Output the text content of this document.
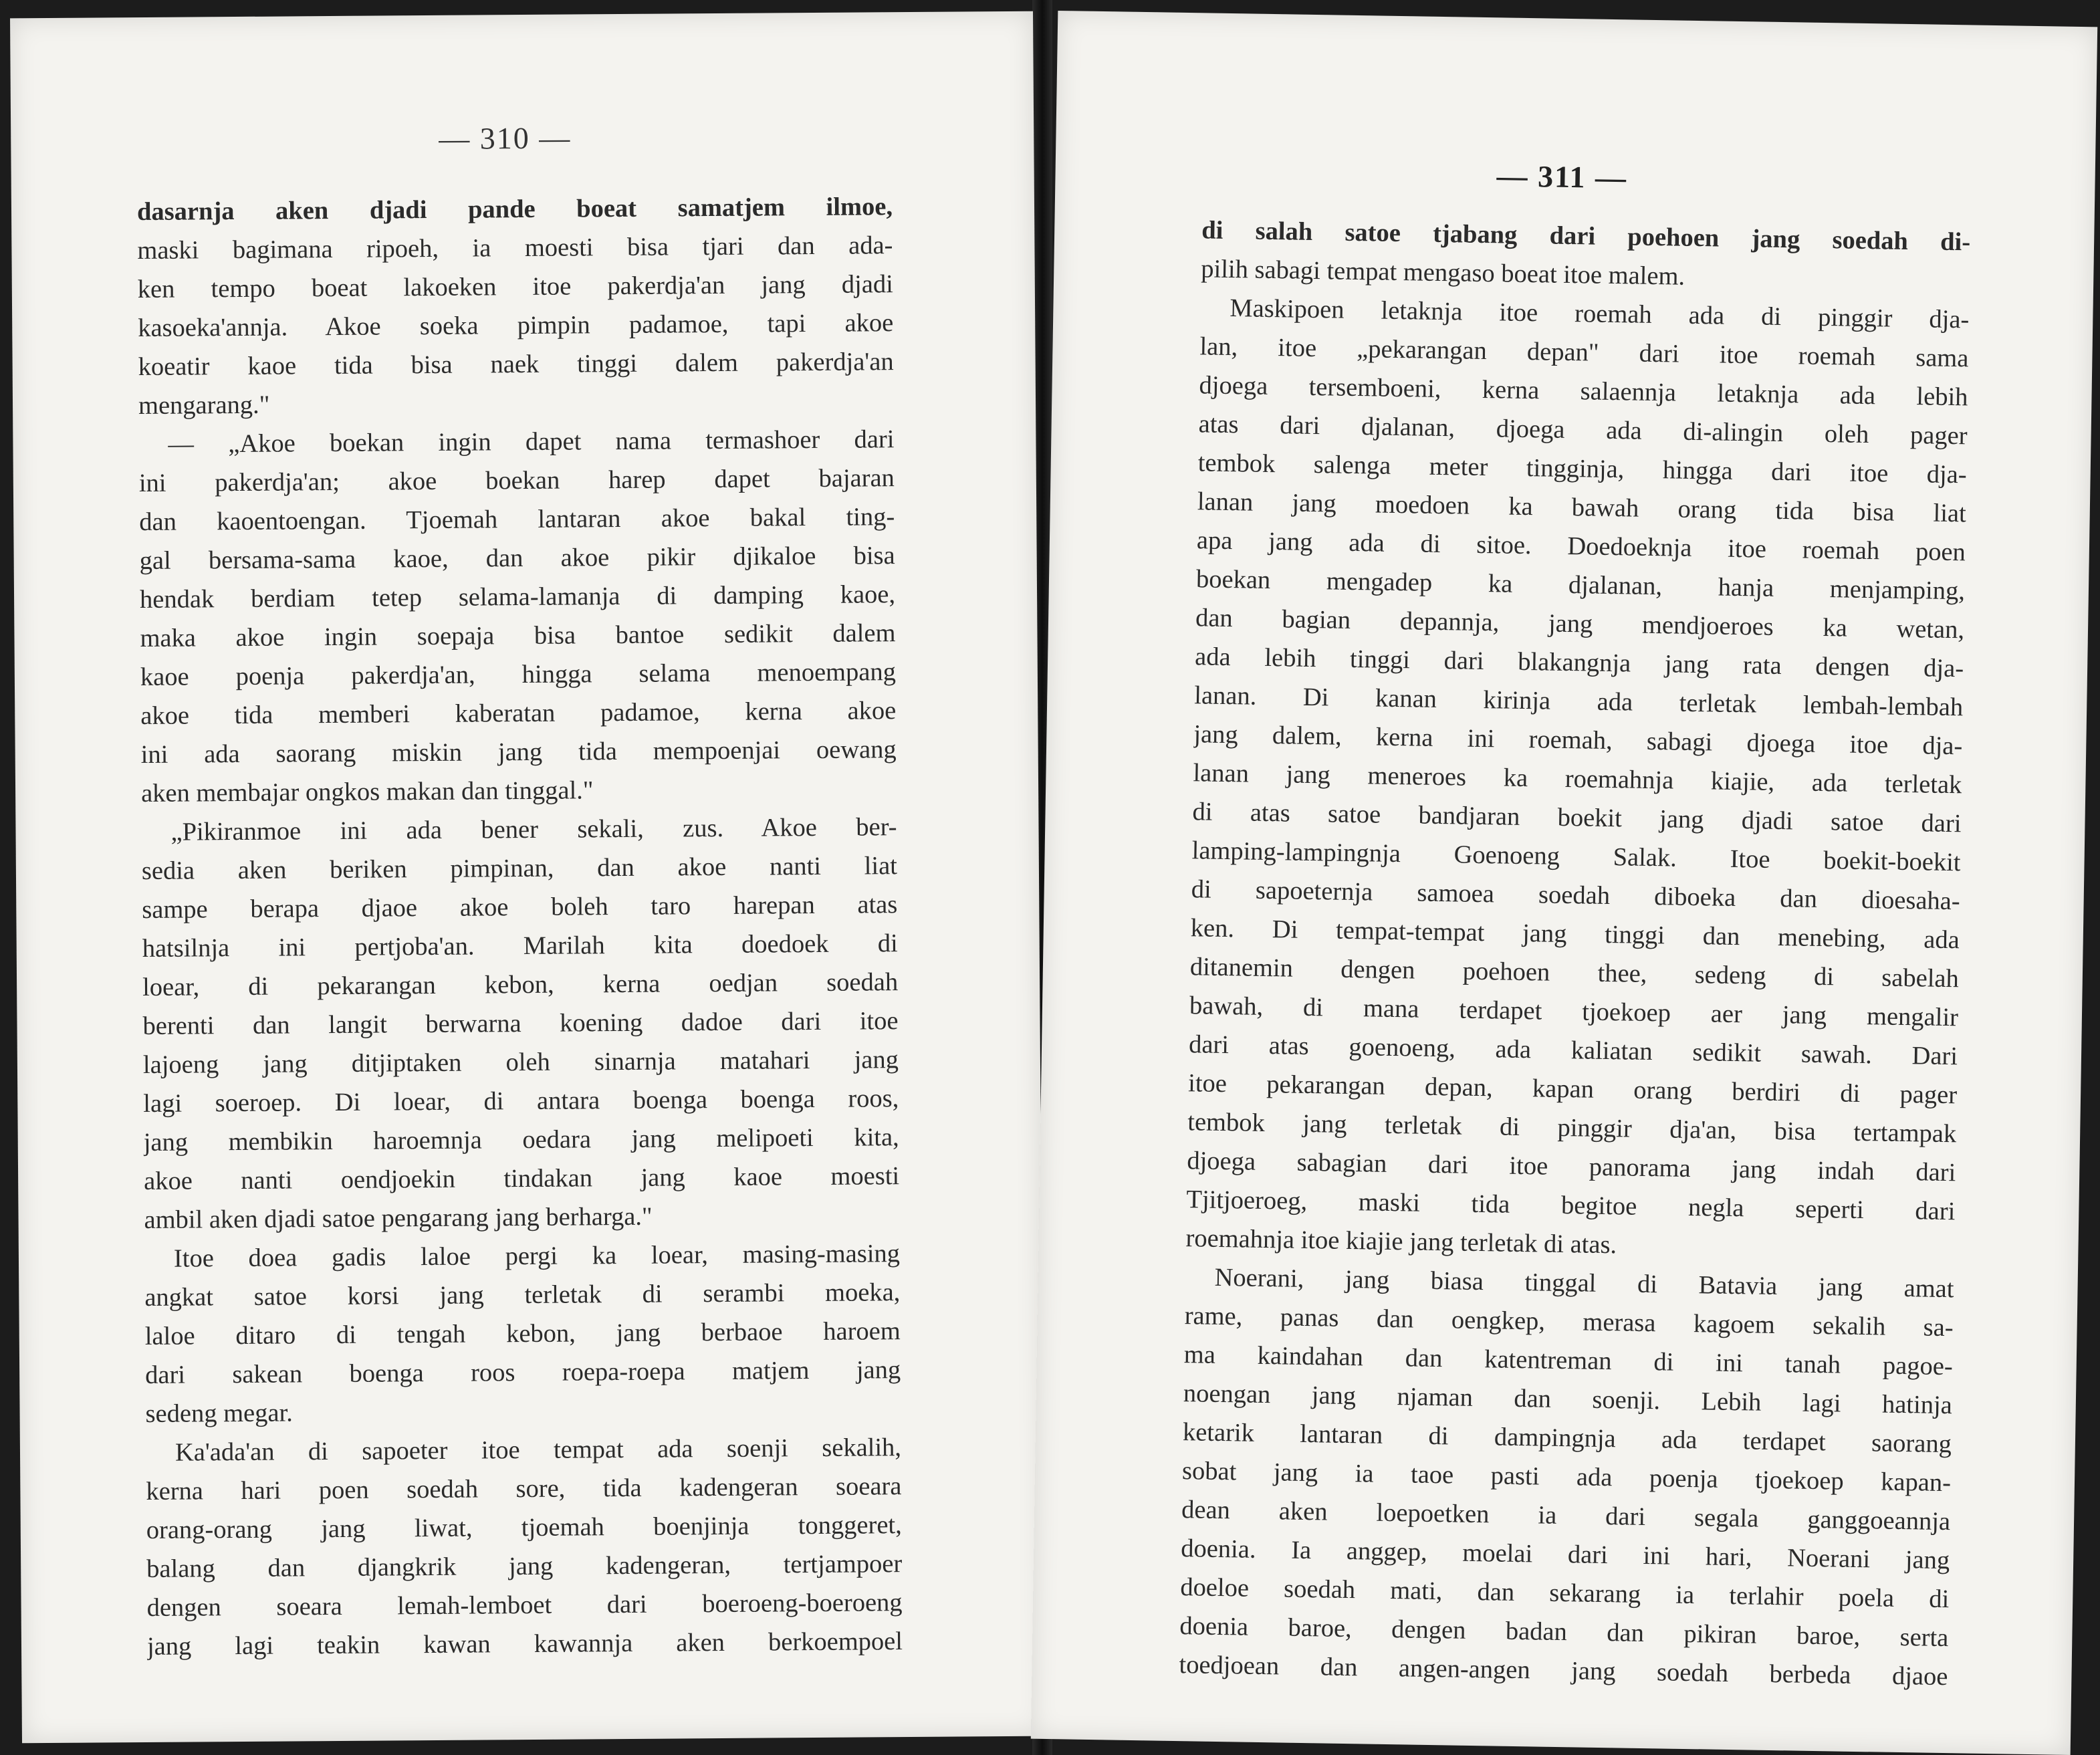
— 310 —
dasarnja aken djadi pande boeat samatjem ilmoe,
maski bagimana ripoeh, ia moesti bisa tjari dan ada-
ken tempo boeat lakoeken itoe pakerdja'an jang djadi
kasoeka'annja. Akoe soeka pimpin padamoe, tapi akoe
koeatir kaoe tida bisa naek tinggi dalem pakerdja'an
mengarang."
— „Akoe boekan ingin dapet nama termashoer dari
ini pakerdja'an; akoe boekan harep dapet bajaran
dan kaoentoengan. Tjoemah lantaran akoe bakal ting-
gal bersama-sama kaoe, dan akoe pikir djikaloe bisa
hendak berdiam tetep selama-lamanja di damping kaoe,
maka akoe ingin soepaja bisa bantoe sedikit dalem
kaoe poenja pakerdja'an, hingga selama menoempang
akoe tida memberi kaberatan padamoe, kerna akoe
ini ada saorang miskin jang tida mempoenjai oewang
aken membajar ongkos makan dan tinggal."
„Pikiranmoe ini ada bener sekali, zus. Akoe ber-
sedia aken beriken pimpinan, dan akoe nanti liat
sampe berapa djaoe akoe boleh taro harepan atas
hatsilnja ini pertjoba'an. Marilah kita doedoek di
loear, di pekarangan kebon, kerna oedjan soedah
berenti dan langit berwarna koening dadoe dari itoe
lajoeng jang ditjiptaken oleh sinarnja matahari jang
lagi soeroep. Di loear, di antara boenga boenga roos,
jang membikin haroemnja oedara jang melipoeti kita,
akoe nanti oendjoekin tindakan jang kaoe moesti
ambil aken djadi satoe pengarang jang berharga."
Itoe doea gadis laloe pergi ka loear, masing-masing
angkat satoe korsi jang terletak di serambi moeka,
laloe ditaro di tengah kebon, jang berbaoe haroem
dari sakean boenga roos roepa-roepa matjem jang
sedeng megar.
Ka'ada'an di sapoeter itoe tempat ada soenji sekalih,
kerna hari poen soedah sore, tida kadengeran soeara
orang-orang jang liwat, tjoemah boenjinja tonggeret,
balang dan djangkrik jang kadengeran, tertjampoer
dengen soeara lemah-lemboet dari boeroeng-boeroeng
jang lagi teakin kawan kawannja aken berkoempoel
— 311 —
di salah satoe tjabang dari poehoen jang soedah di-
pilih sabagi tempat mengaso boeat itoe malem.
Maskipoen letaknja itoe roemah ada di pinggir dja-
lan, itoe „pekarangan depan" dari itoe roemah sama
djoega tersemboeni, kerna salaennja letaknja ada lebih
atas dari djalanan, djoega ada di-alingin oleh pager
tembok salenga meter tingginja, hingga dari itoe dja-
lanan jang moedoen ka bawah orang tida bisa liat
apa jang ada di sitoe. Doedoeknja itoe roemah poen
boekan mengadep ka djalanan, hanja menjamping,
dan bagian depannja, jang mendjoeroes ka wetan,
ada lebih tinggi dari blakangnja jang rata dengen dja-
lanan. Di kanan kirinja ada terletak lembah-lembah
jang dalem, kerna ini roemah, sabagi djoega itoe dja-
lanan jang meneroes ka roemahnja kiajie, ada terletak
di atas satoe bandjaran boekit jang djadi satoe dari
lamping-lampingnja Goenoeng Salak. Itoe boekit-boekit
di sapoeternja samoea soedah diboeka dan dioesaha-
ken. Di tempat-tempat jang tinggi dan menebing, ada
ditanemin dengen poehoen thee, sedeng di sabelah
bawah, di mana terdapet tjoekoep aer jang mengalir
dari atas goenoeng, ada kaliatan sedikit sawah. Dari
itoe pekarangan depan, kapan orang berdiri di pager
tembok jang terletak di pinggir dja'an, bisa tertampak
djoega sabagian dari itoe panorama jang indah dari
Tjitjoeroeg, maski tida begitoe negla seperti dari
roemahnja itoe kiajie jang terletak di atas.
Noerani, jang biasa tinggal di Batavia jang amat
rame, panas dan oengkep, merasa kagoem sekalih sa-
ma kaindahan dan katentreman di ini tanah pagoe-
noengan jang njaman dan soenji. Lebih lagi hatinja
ketarik lantaran di dampingnja ada terdapet saorang
sobat jang ia taoe pasti ada poenja tjoekoep kapan-
dean aken loepoetken ia dari segala ganggoeannja
doenia. Ia anggep, moelai dari ini hari, Noerani jang
doeloe soedah mati, dan sekarang ia terlahir poela di
doenia baroe, dengen badan dan pikiran baroe, serta
toedjoean dan angen-angen jang soedah berbeda djaoe
